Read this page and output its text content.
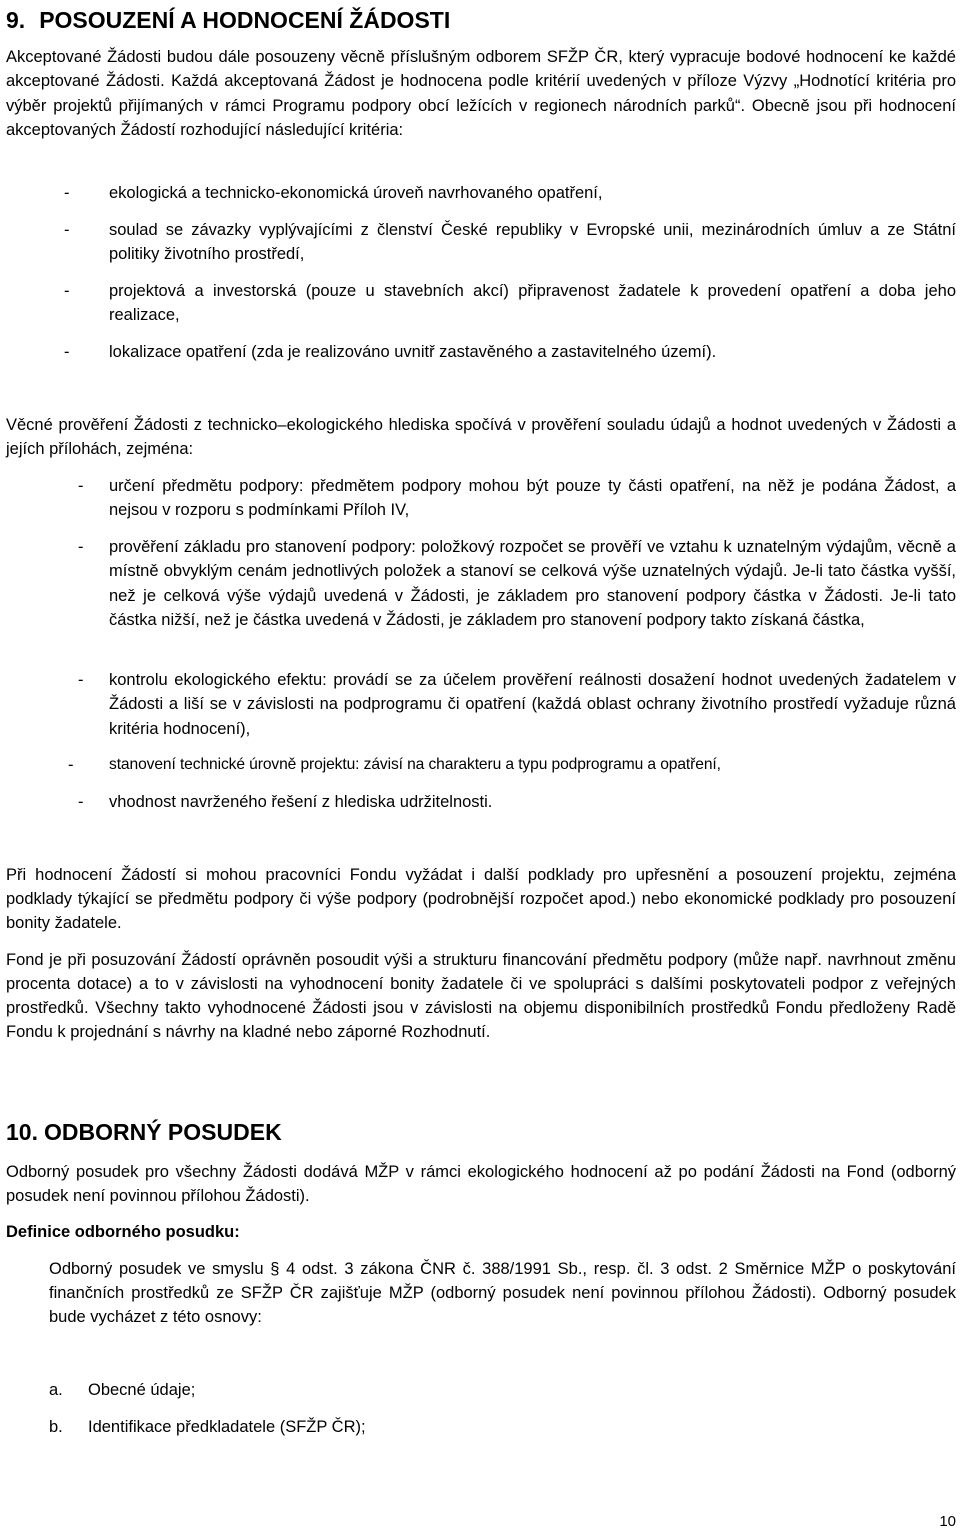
9. POSOUZENÍ A HODNOCENÍ ŽÁDOSTI
Akceptované Žádosti budou dále posouzeny věcně příslušným odborem SFŽP ČR, který vypracuje bodové hodnocení ke každé akceptované Žádosti. Každá akceptovaná Žádost je hodnocena podle kritérií uvedených v příloze Výzvy „Hodnotící kritéria pro výběr projektů přijímaných v rámci Programu podpory obcí ležících v regionech národních parků“. Obecně jsou při hodnocení akceptovaných Žádostí rozhodující následující kritéria:
- ekologická a technicko-ekonomická úroveň navrhovaného opatření,
- soulad se závazky vyplývajícími z členství České republiky v Evropské unii, mezinárodních úmluv a ze Státní politiky životního prostředí,
- projektová a investorská (pouze u stavebních akcí) připravenost žadatele k provedení opatření a doba jeho realizace,
- lokalizace opatření (zda je realizováno uvnitř zastavěného a zastavitelného území).
Věcné prověření Žádosti z technicko–ekologického hlediska spočívá v prověření souladu údajů a hodnot uvedených v Žádosti a jejích přílohách, zejména:
- určení předmětu podpory: předmětem podpory mohou být pouze ty části opatření, na něž je podána Žádost, a nejsou v rozporu s podmínkami Příloh IV,
- prověření základu pro stanovení podpory: položkový rozpočet se prověří ve vztahu k uznatelným výdajům, věcně a místně obvyklým cenám jednotlivých položek a stanoví se celková výše uznatelných výdajů. Je-li tato částka vyšší, než je celková výše výdajů uvedená v Žádosti, je základem pro stanovení podpory částka v Žádosti. Je-li tato částka nižší, než je částka uvedená v Žádosti, je základem pro stanovení podpory takto získaná částka,
- kontrolu ekologického efektu: provádí se za účelem prověření reálnosti dosažení hodnot uvedených žadatelem v Žádosti a liší se v závislosti na podprogramu či opatření (každá oblast ochrany životního prostředí vyžaduje různá kritéria hodnocení),
- stanovení technické úrovně projektu: závisí na charakteru a typu podprogramu a opatření,
- vhodnost navrženého řešení z hlediska udržitelnosti.
Při hodnocení Žádostí si mohou pracovníci Fondu vyžádat i další podklady pro upřesnění a posouzení projektu, zejména podklady týkající se předmětu podpory či výše podpory (podrobnější rozpočet apod.) nebo ekonomické podklady pro posouzení bonity žadatele.
Fond je při posuzování Žádostí oprávněn posoudit výši a strukturu financování předmětu podpory (může např. navrhnout změnu procenta dotace) a to v závislosti na vyhodnocení bonity žadatele či ve spolupráci s dalšími poskytovateli podpor z veřejných prostředků. Všechny takto vyhodnocené Žádosti jsou v závislosti na objemu disponibilních prostředků Fondu předloženy Radě Fondu k projednání s návrhy na kladné nebo záporné Rozhodnutí.
10. ODBORNÝ POSUDEK
Odborný posudek pro všechny Žádosti dodává MŽP v rámci ekologického hodnocení až po podání Žádosti na Fond (odborný posudek není povinnou přílohou Žádosti).
Definice odborného posudku:
Odborný posudek ve smyslu § 4 odst. 3 zákona ČNR č. 388/1991 Sb., resp. čl. 3 odst. 2 Směrnice MŽP o poskytování finančních prostředků ze SFŽP ČR zajišťuje MŽP (odborný posudek není povinnou přílohou Žádosti). Odborný posudek bude vycházet z této osnovy:
a. Obecné údaje;
b. Identifikace předkladatele (SFŽP ČR);
10
